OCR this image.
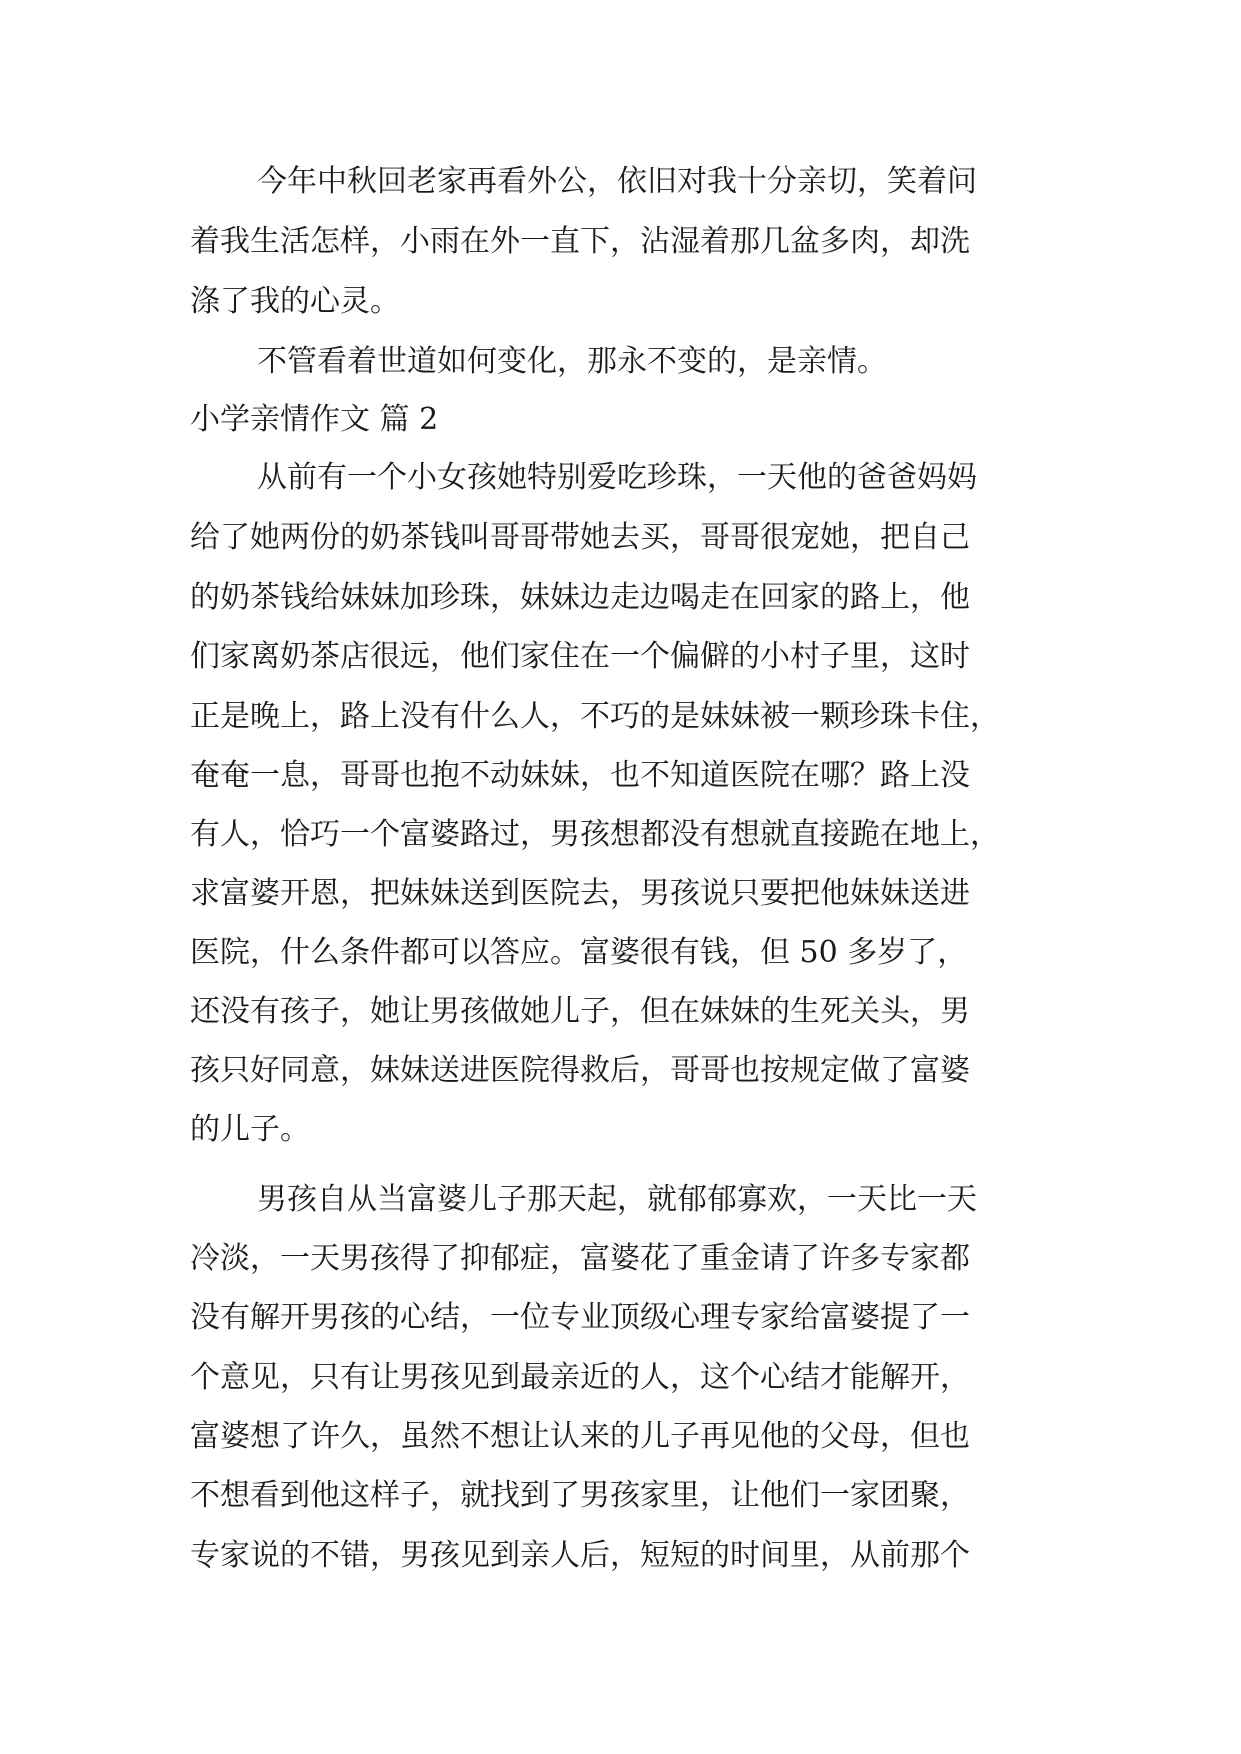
今年中秋回老家再看外公，依旧对我十分亲切，笑着问
着我生活怎样，小雨在外一直下，沾湿着那几盆多肉，却洗
涤了我的心灵。
不管看着世道如何变化，那永不变的，是亲情。
小学亲情作文 篇 2
从前有一个小女孩她特别爱吃珍珠，一天他的爸爸妈妈
给了她两份的奶茶钱叫哥哥带她去买，哥哥很宠她，把自己
的奶茶钱给妹妹加珍珠，妹妹边走边喝走在回家的路上，他
们家离奶茶店很远，他们家住在一个偏僻的小村子里，这时
正是晚上，路上没有什么人，不巧的是妹妹被一颗珍珠卡住，
奄奄一息，哥哥也抱不动妹妹，也不知道医院在哪？路上没
有人，恰巧一个富婆路过，男孩想都没有想就直接跪在地上，
求富婆开恩，把妹妹送到医院去，男孩说只要把他妹妹送进
医院，什么条件都可以答应。富婆很有钱，但 50 多岁了，
还没有孩子，她让男孩做她儿子，但在妹妹的生死关头，男
孩只好同意，妹妹送进医院得救后，哥哥也按规定做了富婆
的儿子。
男孩自从当富婆儿子那天起，就郁郁寡欢，一天比一天
冷淡，一天男孩得了抑郁症，富婆花了重金请了许多专家都
没有解开男孩的心结，一位专业顶级心理专家给富婆提了一
个意见，只有让男孩见到最亲近的人，这个心结才能解开，
富婆想了许久，虽然不想让认来的儿子再见他的父母，但也
不想看到他这样子，就找到了男孩家里，让他们一家团聚，
专家说的不错，男孩见到亲人后，短短的时间里，从前那个
